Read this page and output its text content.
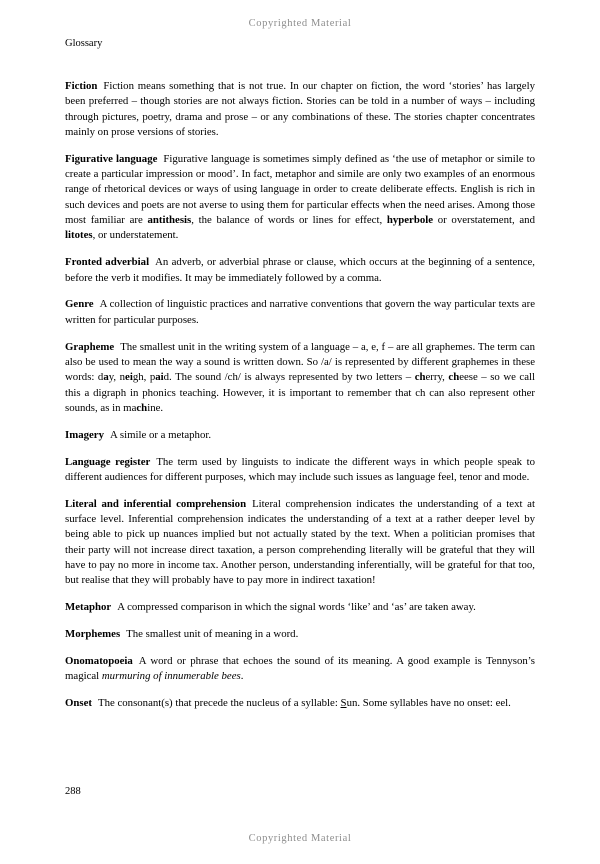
Copyrighted Material
Glossary

Fiction Fiction means something that is not true. In our chapter on fiction, the word ‘stories’ has largely been preferred – though stories are not always fiction. Stories can be told in a number of ways – including through pictures, poetry, drama and prose – or any combinations of these. The stories chapter concentrates mainly on prose versions of stories.

Figurative language Figurative language is sometimes simply defined as ‘the use of metaphor or simile to create a particular impression or mood’. In fact, metaphor and simile are only two examples of an enormous range of rhetorical devices or ways of using language in order to create deliberate effects. English is rich in such devices and poets are not averse to using them for particular effects when the need arises. Among those most familiar are antithesis, the balance of words or lines for effect, hyperbole or overstatement, and litotes, or understatement.

Fronted adverbial An adverb, or adverbial phrase or clause, which occurs at the beginning of a sentence, before the verb it modifies. It may be immediately followed by a comma.

Genre A collection of linguistic practices and narrative conventions that govern the way particular texts are written for particular purposes.

Grapheme The smallest unit in the writing system of a language – a, e, f – are all graphemes. The term can also be used to mean the way a sound is written down. So /a/ is represented by different graphemes in these words: day, neigh, paid. The sound /ch/ is always represented by two letters – cherry, cheese – so we call this a digraph in phonics teaching. However, it is important to remember that ch can also represent other sounds, as in machine.

Imagery A simile or a metaphor.

Language register The term used by linguists to indicate the different ways in which people speak to different audiences for different purposes, which may include such issues as language feel, tenor and mode.

Literal and inferential comprehension Literal comprehension indicates the understanding of a text at surface level. Inferential comprehension indicates the understanding of a text at a rather deeper level by being able to pick up nuances implied but not actually stated by the text. When a politician promises that their party will not increase direct taxation, a person comprehending literally will be grateful that they will have to pay no more in income tax. Another person, understanding inferentially, will be grateful for that too, but realise that they will probably have to pay more in indirect taxation!

Metaphor A compressed comparison in which the signal words ‘like’ and ‘as’ are taken away.

Morphemes The smallest unit of meaning in a word.

Onomatopoeia A word or phrase that echoes the sound of its meaning. A good example is Tennyson’s magical murmuring of innumerable bees.

Onset The consonant(s) that precede the nucleus of a syllable: Sun. Some syllables have no onset: eel.

288
Copyrighted Material
